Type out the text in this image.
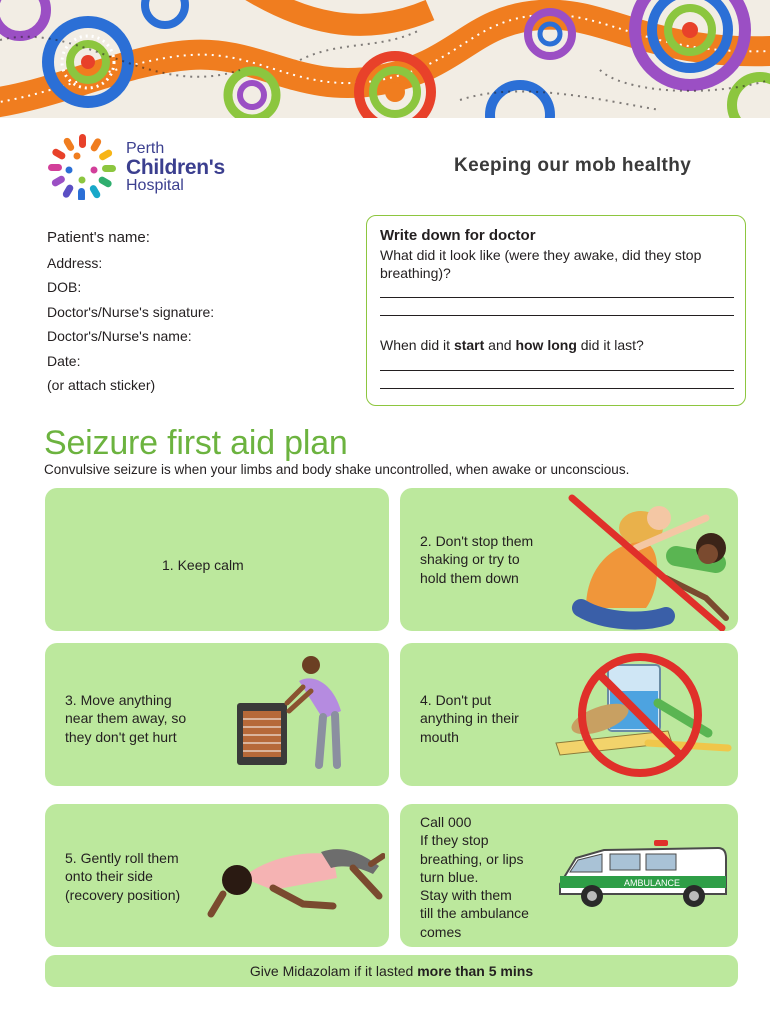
Perth
Children's
Hospital
Keeping our mob healthy
Patient's name:
Address:
DOB:
Doctor's/Nurse's signature:
Doctor's/Nurse's name:
Date:
(or attach sticker)
Write down for doctor
What did it look like (were they awake, did they stop breathing)?
When did it start and how long did it last?
Seizure first aid plan
Convulsive seizure is when your limbs and body shake uncontrolled, when awake or unconscious.
1. Keep calm
2. Don't stop them
shaking or try to
hold them down
3. Move anything
near them away, so
they don't get hurt
4. Don't put
anything in their
mouth
5. Gently roll them
onto their side
(recovery position)
Call 000
If they stop
breathing, or lips
turn blue.
Stay with them
till the ambulance
comes
AMBULANCE
Give Midazolam if it lasted more than 5 mins
